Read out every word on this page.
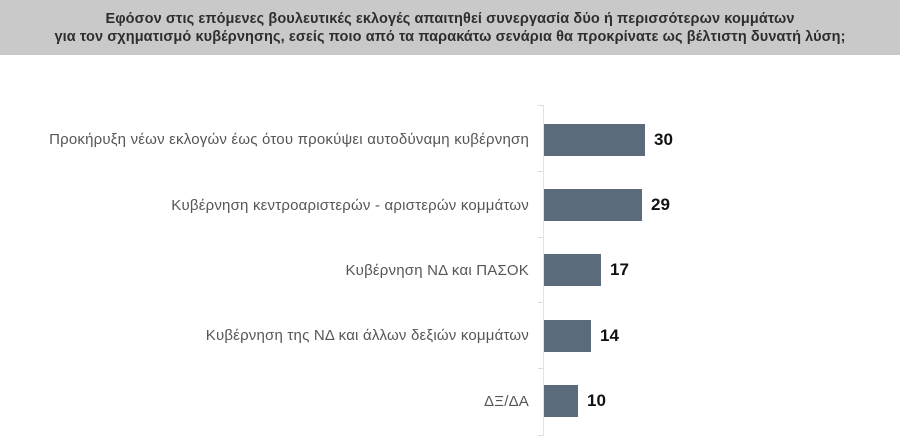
Εφόσον στις επόμενες βουλευτικές εκλογές απαιτηθεί συνεργασία δύο ή περισσότερων κομμάτων
για τον σχηματισμό κυβέρνησης, εσείς ποιο από τα παρακάτω σενάρια θα προκρίνατε ως βέλτιστη δυνατή λύση;
Προκήρυξη νέων εκλογών έως ότου προκύψει αυτοδύναμη κυβέρνηση	30
Κυβέρνηση κεντροαριστερών - αριστερών κομμάτων	29
Κυβέρνηση ΝΔ και ΠΑΣΟΚ	17
Κυβέρνηση της ΝΔ και άλλων δεξιών κομμάτων	14
ΔΞ/ΔΑ	10
